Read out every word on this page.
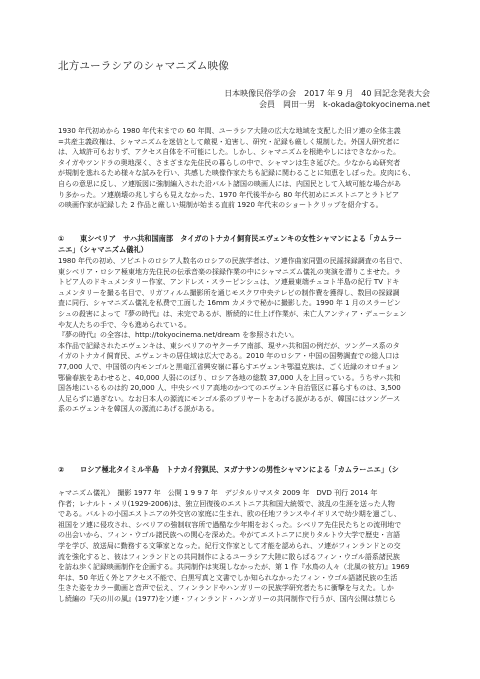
北方ユーラシアのシャマニズム映像
日本映像民俗学の会　2017 年 9 月　40 回記念発表大会
会員　岡田一男　k-okada@tokyocinema.net
1930 年代初めから 1980 年代末までの 60 年間、ユーラシア大陸の広大な地域を支配した旧ソ連の全体主義
=共産主義政権は、シャマニズムを迷信として敵視・迫害し、研究・記録も厳しく規制した。外国人研究者に
は、入域許可もおりず、アクセス自体を不可能にした。しかし、シャマニズムを根絶やしにはできなかった。
タイガやツンドラの奥地深く、さまざまな先住民の暮らしの中で、シャマンは生き延びた。少なからぬ研究者
が規制を逃れるため様々な試みを行い、共感した映像作家たちも記録に関わることに知恵をしぼった。皮肉にも、
自らの意思に反し、ソ連版図に強制編入された沿バルト諸国の映画人には、内国民として入域可能な場合があ
り多かった。ソ連崩壊の兆しすらも見えなかった、1970 年代後半から 80 年代初めにエストニアとラトビア
の映画作家が記録した 2 作品と厳しい規制が始まる直前 1920 年代末のショートクリップを紹介する。
① 東シベリア　サハ共和国南部　タイガのトナカイ飼育民エヴェンキの女性シャマンによる「カムラー
ニエ」（シャマニズム儀礼）
1980 年代の初め、ソビエトのロシア人数名のロシアの民族学者は、ソ連作曲家同盟の民謡採録調査の名目で、
東シベリア・ロシア極東地方先住民の伝承音楽の採録作業の中にシャマニズム儀礼の実演を潜りこませた。ラ
トビア人のドキュメンタリー作家、アンドレス・スラーピンシュは、ソ連最東端チュコト半島の紀行 TV ドキ
ュメンタリーを撮る名目で、リガフィルム撮影所を通じモスクワ中央テレビの制作費を獲得し、数回の採録調
査に同行、シャマニズム儀礼を私费で工面した 16mm カメラで秘かに撮影した。1990 年 1 月のスラーピン
シュの殺害によって『夢の時代』は、未完であるが、断続的に仕上げ作業が、未亡人アンティア・デューシェン
や友人たちの手で、今も進められている。
『夢の時代』の全容は、http://tokyocinema.net/dream を参照されたい。
本作品で記録されたエヴェンキは、東シベリアのヤクーチア南部、現サハ共和国の例だが、ツングース系のタ
イガのトナカイ飼育民、エヴェンキの居住域は広大である。2010 年のロシア・中国の国勢調査での総人口は
77,000 人で、中国領の内モンゴルと黒竜江省興安嶺に暮らすエヴェンキ鄂温克族は、ごく近縁のオロチョン
鄂倫春族をあわせると、40,000 人弱にのぼり、ロシア各地の総数 37,000 人を上回っている。うちサハ共和
国各地にいるものは約 20,000 人、中央シベリア高地のかつてのエヴェンキ自治管区に暮らすものは、3,500
人足らずに過ぎない。なお日本人の源流にモンゴル系のブリヤートをあげる説があるが、韓国にはツングース
系のエヴェンキを韓国人の源流にあげる説がある。
② ロシア極北タイミル半島　トナカイ狩猟民、ヌガナサンの男性シャマンによる「カムラーニエ」（シ
ャマニズム儀礼）　撮影 1977 年　公開 1 9 9 7 年　デジタルリマスタ 2009 年　DVD 刊行 2014 年
作者；レナルト・メリ(1929-2006)は、独立回復後のエストニア共和国大統領で、波乱の生涯を送った人物
である。バルトの小国エストニアの外交官の家庭に生まれ、欧の任地フランスやイギリスで幼少期を過ごし、
祖国をソ連に侵攻され、シベリアの強制収容所で過酷な少年期をおくった。シベリア先住民たちとの流刑地で
の出会いから、フィン・ウゴル諸民族への関心を深めた。やがてエストニアに戻りタルトウ大学で歴史・言語
学を学び、放送局に勤務する文筆家となった。紀行文作家として才能を認められ、ソ連がフィンランドとの交
流を強化すると、彼はフィンランドとの共同制作によるユーラシア大陸に散らばるフィン・ウゴル語系諸民族
を訪ね歩く記録映画制作を企画する。共同制作は実現しなかったが、第 1 作『水鳥の人々（北風の彼方)』1969
年は、50 年近く外とアクセス不能で、白黒写真と文書でしか知られなかったフィン・ウゴル語諸民族の生活
生きた姿をカラー動画と音声で伝え、フィンランドやハンガリーの民族学研究者たちに衝撃を与えた。しか
し続編の『天の川の風』(1977)をソ連・フィンランド・ハンガリーの共同制作で行うが、国内公開は禁じら
